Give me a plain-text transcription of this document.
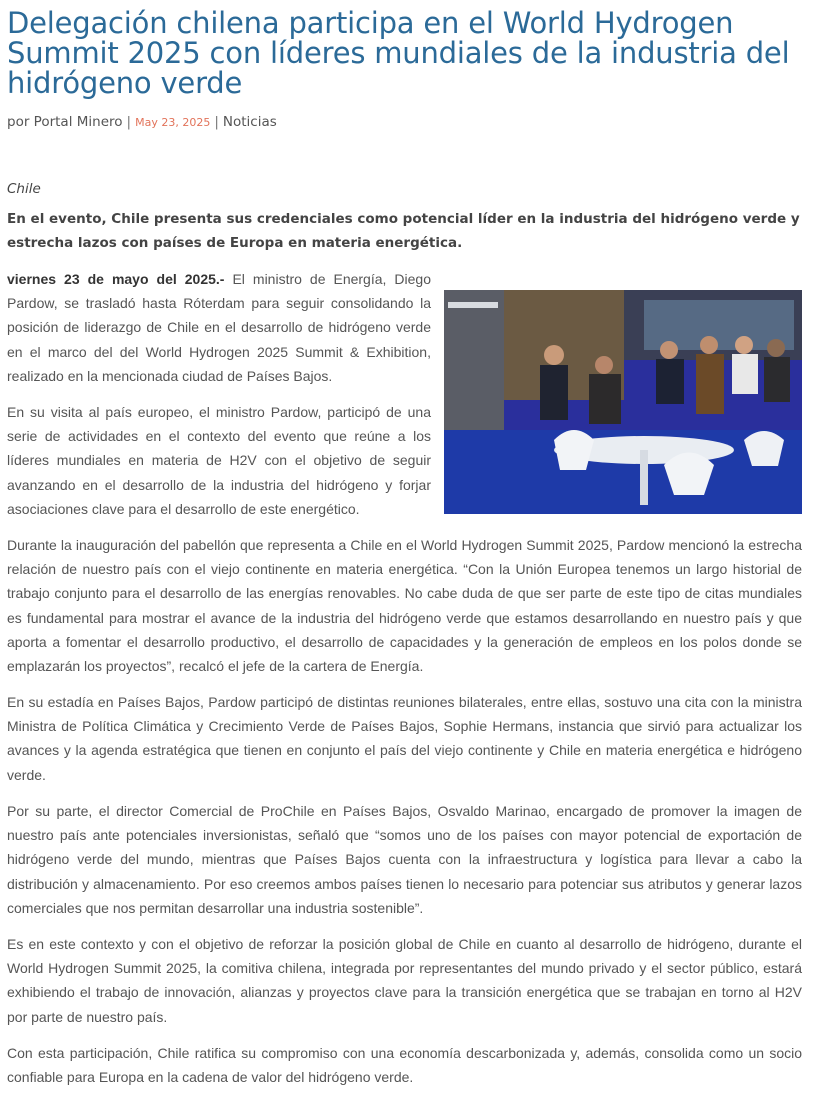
Delegación chilena participa en el World Hydrogen Summit 2025 con líderes mundiales de la industria del hidrógeno verde
por Portal Minero | May 23, 2025 | Noticias
Chile
En el evento, Chile presenta sus credenciales como potencial líder en la industria del hidrógeno verde y estrecha lazos con países de Europa en materia energética.

viernes 23 de mayo del 2025.- El ministro de Energía, Diego Pardow, se trasladó hasta Róterdam para seguir consolidando la posición de liderazgo de Chile en el desarrollo de hidrógeno verde en el marco del del World Hydrogen 2025 Summit & Exhibition, realizado en la mencionada ciudad de Países Bajos.

En su visita al país europeo, el ministro Pardow, participó de una serie de actividades en el contexto del evento que reúne a los líderes mundiales en materia de H2V con el objetivo de seguir avanzando en el desarrollo de la industria del hidrógeno y forjar asociaciones clave para el desarrollo de este energético.

Durante la inauguración del pabellón que representa a Chile en el World Hydrogen Summit 2025, Pardow mencionó la estrecha relación de nuestro país con el viejo continente en materia energética. “Con la Unión Europea tenemos un largo historial de trabajo conjunto para el desarrollo de las energías renovables. No cabe duda de que ser parte de este tipo de citas mundiales es fundamental para mostrar el avance de la industria del hidrógeno verde que estamos desarrollando en nuestro país y que aporta a fomentar el desarrollo productivo, el desarrollo de capacidades y la generación de empleos en los polos donde se emplazarán los proyectos”, recalcó el jefe de la cartera de Energía.

En su estadía en Países Bajos, Pardow participó de distintas reuniones bilaterales, entre ellas, sostuvo una cita con la ministra Ministra de Política Climática y Crecimiento Verde de Países Bajos, Sophie Hermans, instancia que sirvió para actualizar los avances y la agenda estratégica que tienen en conjunto el país del viejo continente y Chile en materia energética e hidrógeno verde.

Por su parte, el director Comercial de ProChile en Países Bajos, Osvaldo Marinao, encargado de promover la imagen de nuestro país ante potenciales inversionistas, señaló que “somos uno de los países con mayor potencial de exportación de hidrógeno verde del mundo, mientras que Países Bajos cuenta con la infraestructura y logística para llevar a cabo la distribución y almacenamiento. Por eso creemos ambos países tienen lo necesario para potenciar sus atributos y generar lazos comerciales que nos permitan desarrollar una industria sostenible”.

Es en este contexto y con el objetivo de reforzar la posición global de Chile en cuanto al desarrollo de hidrógeno, durante el World Hydrogen Summit 2025, la comitiva chilena, integrada por representantes del mundo privado y el sector público, estará exhibiendo el trabajo de innovación, alianzas y proyectos clave para la transición energética que se trabajan en torno al H2V por parte de nuestro país.

Con esta participación, Chile ratifica su compromiso con una economía descarbonizada y, además, consolida como un socio confiable para Europa en la cadena de valor del hidrógeno verde.
